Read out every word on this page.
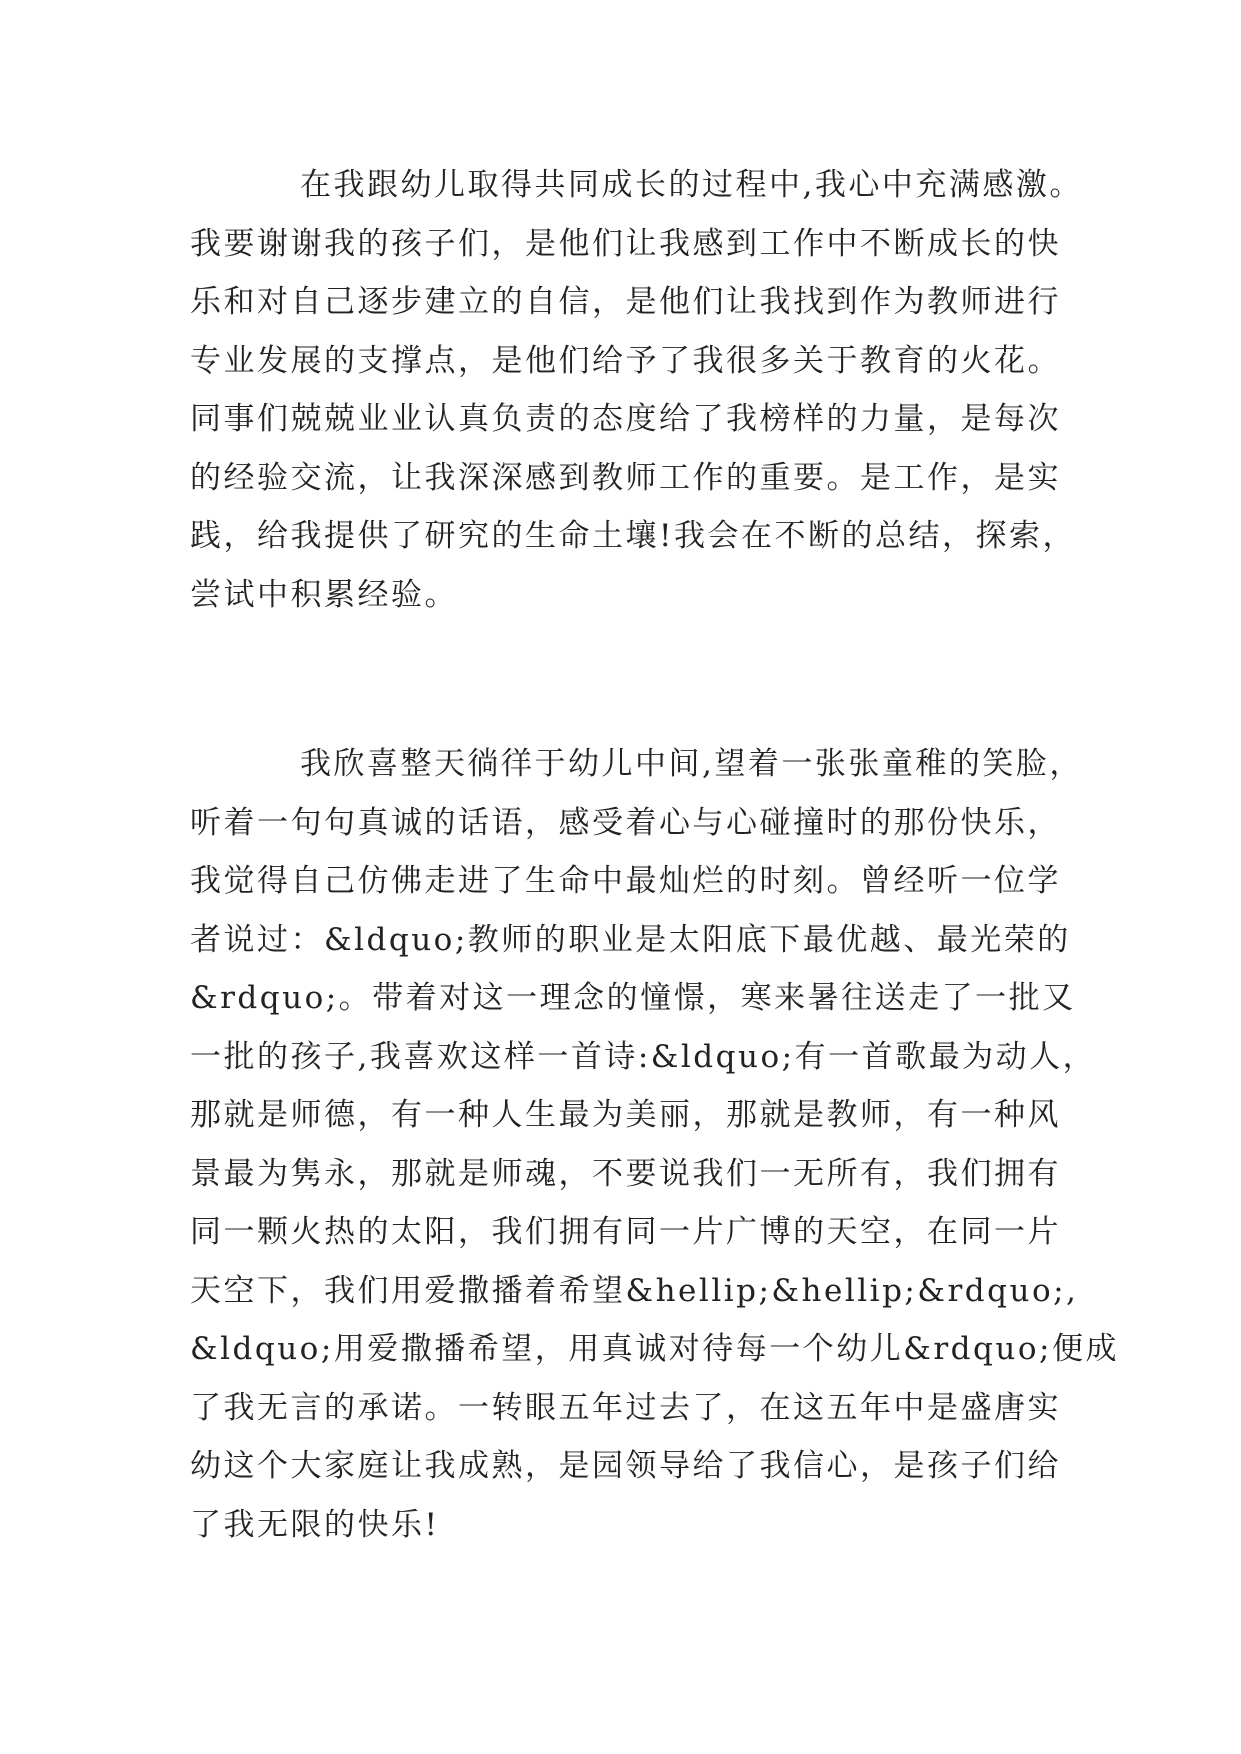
在我跟幼儿取得共同成长的过程中,我心中充满感激。
我要谢谢我的孩子们，是他们让我感到工作中不断成长的快
乐和对自己逐步建立的自信，是他们让我找到作为教师进行
专业发展的支撑点，是他们给予了我很多关于教育的火花。
同事们兢兢业业认真负责的态度给了我榜样的力量，是每次
的经验交流，让我深深感到教师工作的重要。是工作，是实
践，给我提供了研究的生命土壤!我会在不断的总结，探索，
尝试中积累经验。
我欣喜整天徜徉于幼儿中间,望着一张张童稚的笑脸，
听着一句句真诚的话语，感受着心与心碰撞时的那份快乐，
我觉得自己仿佛走进了生命中最灿烂的时刻。曾经听一位学
者说过：&ldquo;教师的职业是太阳底下最优越、最光荣的
&rdquo;。带着对这一理念的憧憬，寒来暑往送走了一批又
一批的孩子,我喜欢这样一首诗:&ldquo;有一首歌最为动人，
那就是师德，有一种人生最为美丽，那就是教师，有一种风
景最为隽永，那就是师魂，不要说我们一无所有，我们拥有
同一颗火热的太阳，我们拥有同一片广博的天空，在同一片
天空下，我们用爱撒播着希望&hellip;&hellip;&rdquo;,
&ldquo;用爱撒播希望，用真诚对待每一个幼儿&rdquo;便成
了我无言的承诺。一转眼五年过去了，在这五年中是盛唐实
幼这个大家庭让我成熟，是园领导给了我信心，是孩子们给
了我无限的快乐!
